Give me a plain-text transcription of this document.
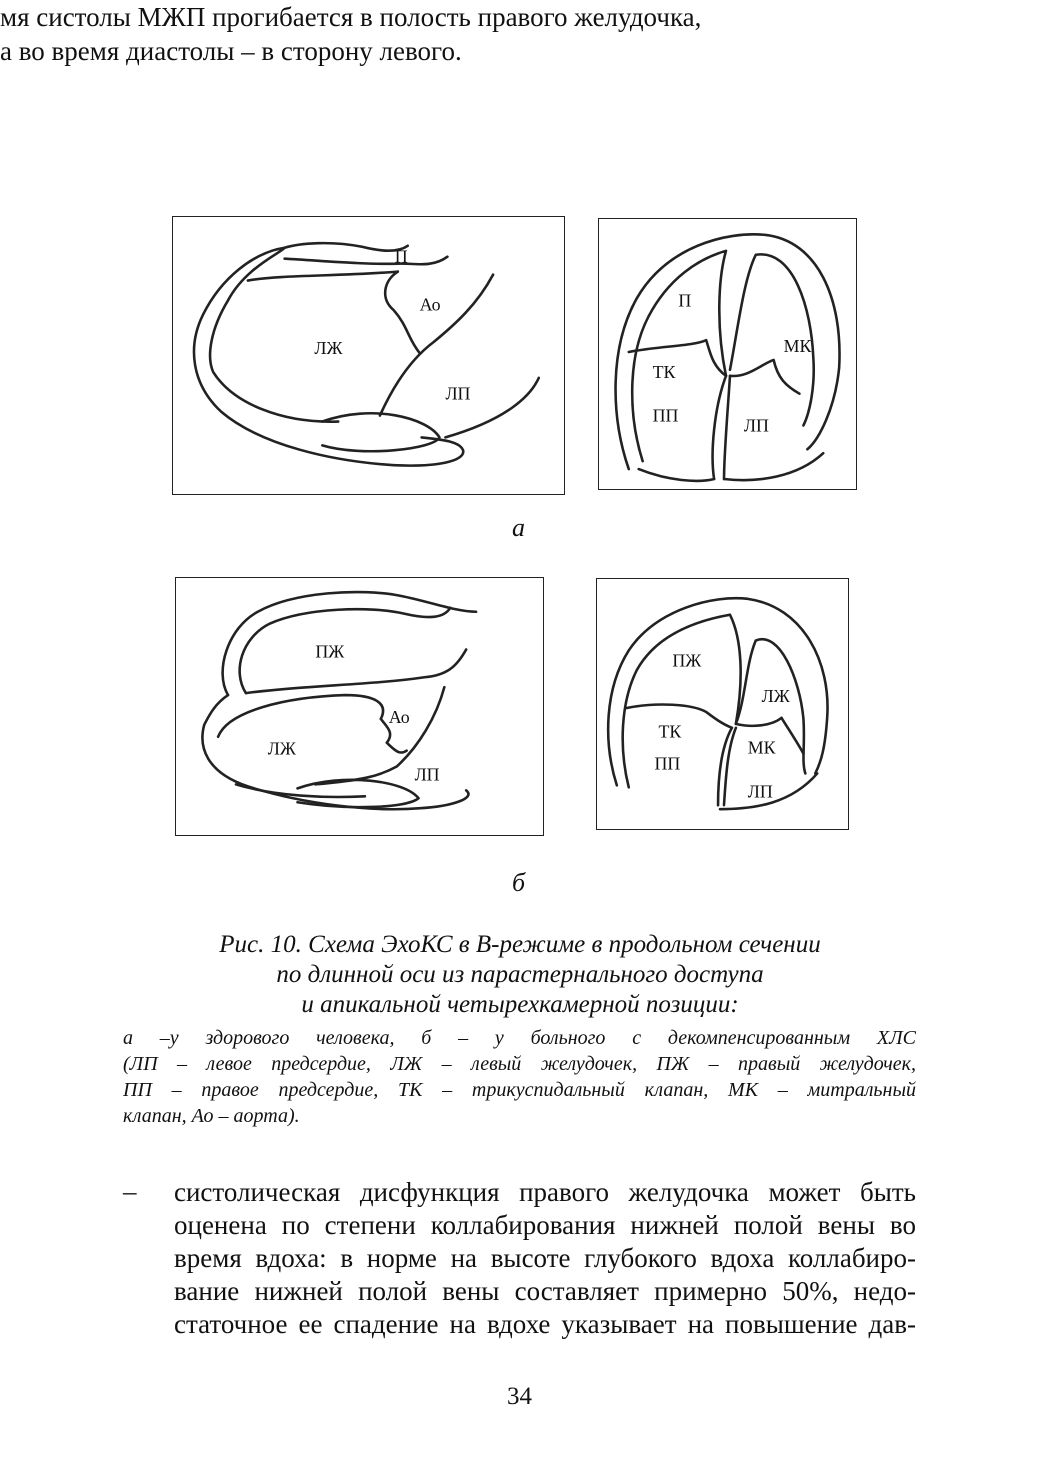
мя систолы МЖП прогибается в полость правого желудочка,
а во время диастолы – в сторону левого.
П
Ао
ЛЖ
ЛП
П
МК
ТК
ПП	ЛП
а
ПЖ
Ао
ЛЖ
ЛП
ПЖ
ЛЖ
ТК
МК
ПП
ЛП
б
Рис. 10. Схема ЭхоКС в В-режиме в продольном сечении
по длинной оси из парастернального доступа
и апикальной четырехкамерной позиции:
а –у здорового человека, б – у больного с декомпенсированным ХЛС
(ЛП – левое предсердие, ЛЖ – левый желудочек, ПЖ – правый желудочек,
ПП – правое предсердие, ТК – трикуспидальный клапан, МК – митральный
клапан, Ао – аорта).
– систолическая дисфункция правого желудочка может быть
оценена по степени коллабирования нижней полой вены во
время вдоха: в норме на высоте глубокого вдоха коллабиро-
вание нижней полой вены составляет примерно 50%, недо-
статочное ее спадение на вдохе указывает на повышение дав-
34
